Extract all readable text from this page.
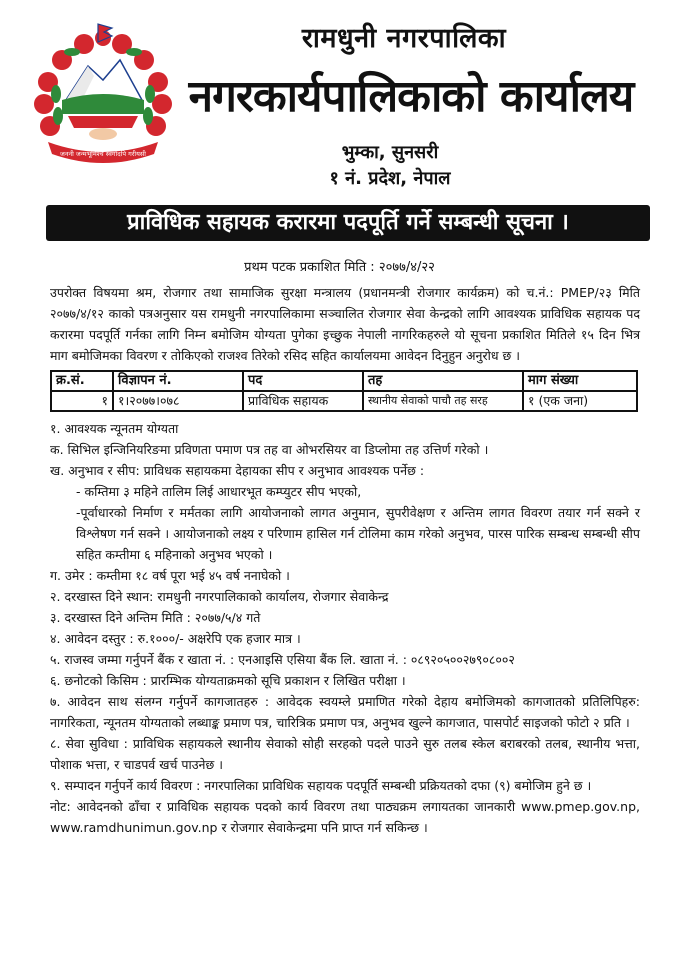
जननी जन्मभूमिश्च स्वर्गादपि गरीयसी
रामधुनी नगरपालिका
नगरकार्यपालिकाको कार्यालय
भुम्का, सुनसरी
१ नं. प्रदेश, नेपाल
प्राविधिक सहायक करारमा पदपूर्ति गर्ने सम्बन्धी सूचना ।
प्रथम पटक प्रकाशित मिति : २०७७/४/२२

उपरोक्त विषयमा श्रम, रोजगार तथा सामाजिक सुरक्षा मन्त्रालय (प्रधानमन्त्री रोजगार कार्यक्रम) को च.नं.: PMEP/२३ मिति २०७७/४/१२ काको पत्रअनुसार यस रामधुनी नगरपालिकामा सञ्चालित रोजगार सेवा केन्द्रको लागि आवश्यक प्राविधिक सहायक पद करारमा पदपूर्ति गर्नका लागि निम्न बमोजिम योग्यता पुगेका इच्छुक नेपाली नागरिकहरुले यो सूचना प्रकाशित मितिले १५ दिन भित्र माग बमोजिमका विवरण र तोकिएको राजश्व तिरेको रसिद सहित कार्यालयमा आवेदन दिनुहुन अनुरोध छ ।

क्र.सं.	विज्ञापन नं.	पद	तह	माग संख्या
१	१।२०७७।०७८	प्राविधिक सहायक	स्थानीय सेवाको पाचौ तह सरह	१ (एक जना)

१. आवश्यक न्यूनतम योग्यता

क. सिभिल इन्जिनियरिङमा प्रविणता पमाण पत्र तह वा ओभरसियर वा डिप्लोमा तह उत्तिर्ण गरेको ।

ख. अनुभाव र सीप: प्राविधक सहायकमा देहायका सीप र अनुभाव आवश्यक पर्नेछ :

- कम्तिमा ३ महिने तालिम लिई आधारभूत कम्प्युटर सीप भएको,

-पूर्वाधारको निर्माण र मर्मतका लागि आयोजनाको लागत अनुमान, सुपरीवेक्षण र अन्तिम लागत विवरण तयार गर्न सक्ने र विश्लेषण गर्न सक्ने । आयोजनाको लक्ष्य र परिणाम हासिल गर्न टोलिमा काम गरेको अनुभव, पारस पारिक सम्बन्ध सम्बन्धी सीप सहित कम्तीमा ६ महिनाको अनुभव भएको ।

ग. उमेर : कम्तीमा १८ वर्ष पूरा भई ४५ वर्ष ननाघेको ।

२. दरखास्त दिने स्थान: रामधुनी नगरपालिकाको कार्यालय, रोजगार सेवाकेन्द्र

३. दरखास्त दिने अन्तिम मिति : २०७७/५/४ गते

४. आवेदन दस्तुर : रु.१०००/- अक्षरेपि एक हजार मात्र ।

५. राजस्व जम्मा गर्नुपर्ने बैंक र खाता नं. : एनआइसि एसिया बैंक लि. खाता नं. : ०८९२०५००२७९०८००२

६. छनोटको किसिम : प्रारम्भिक योग्यताक्रमको सूचि प्रकाशन र लिखित परीक्षा ।

७. आवेदन साथ संलग्न गर्नुपर्ने कागजातहरु : आवेदक स्वयम्ले प्रमाणित गरेको देहाय बमोजिमको कागजातको प्रतिलिपिहरु: नागरिकता, न्यूनतम योग्यताको लब्धाङ्क प्रमाण पत्र, चारित्रिक प्रमाण पत्र, अनुभव खुल्ने कागजात, पासपोर्ट साइजको फोटो २ प्रति ।

८. सेवा सुविधा : प्राविधिक सहायकले स्थानीय सेवाको सोही सरहको पदले पाउने सुरु तलब स्केल बराबरको तलब, स्थानीय भत्ता, पोशाक भत्ता, र चाडपर्व खर्च पाउनेछ ।

९. सम्पादन गर्नुपर्ने कार्य विवरण : नगरपालिका प्राविधिक सहायक पदपूर्ति सम्बन्धी प्रक्रियतको दफा (९) बमोजिम हुने छ ।

नोट: आवेदनको ढाँचा र प्राविधिक सहायक पदको कार्य विवरण तथा पाठ्यक्रम लगायतका जानकारी www.pmep.gov.np, www.ramdhunimun.gov.np र रोजगार सेवाकेन्द्रमा पनि प्राप्त गर्न सकिन्छ ।
